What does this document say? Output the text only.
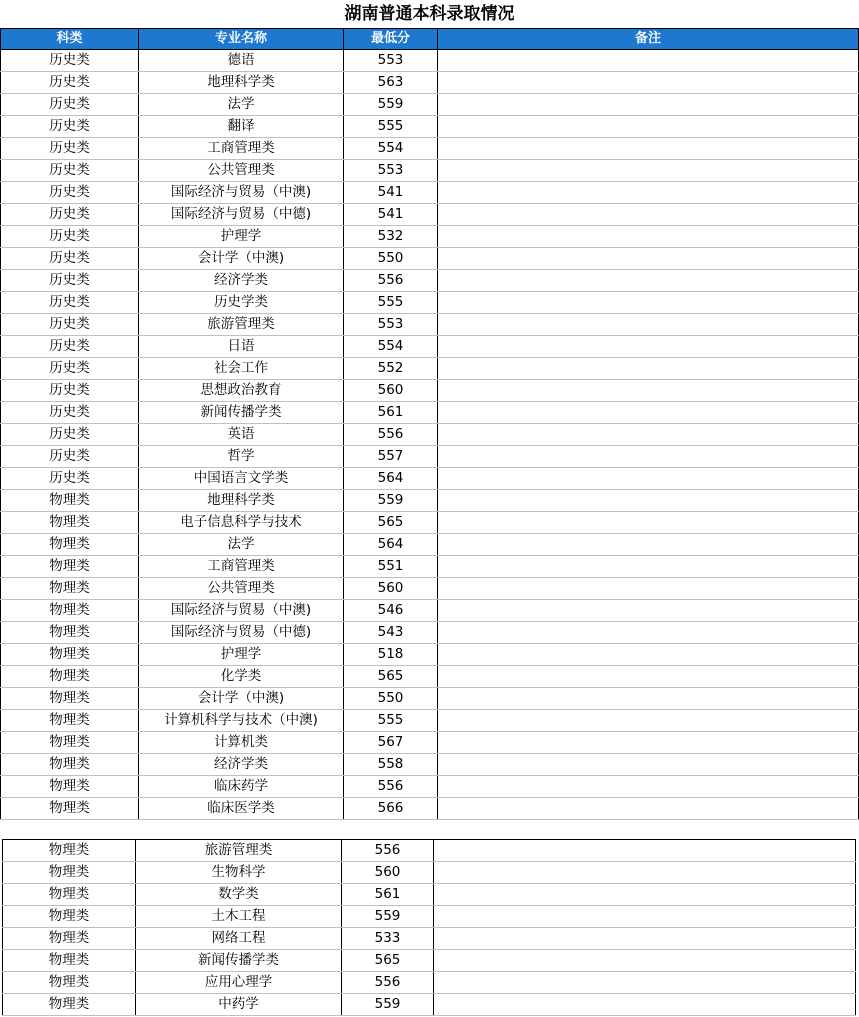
湖南普通本科录取情况
科类	专业名称	最低分	备注
历史类	德语	553	
历史类	地理科学类	563	
历史类	法学	559	
历史类	翻译	555	
历史类	工商管理类	554	
历史类	公共管理类	553	
历史类	国际经济与贸易（中澳)	541	
历史类	国际经济与贸易（中德)	541	
历史类	护理学	532	
历史类	会计学（中澳)	550	
历史类	经济学类	556	
历史类	历史学类	555	
历史类	旅游管理类	553	
历史类	日语	554	
历史类	社会工作	552	
历史类	思想政治教育	560	
历史类	新闻传播学类	561	
历史类	英语	556	
历史类	哲学	557	
历史类	中国语言文学类	564	
物理类	地理科学类	559	
物理类	电子信息科学与技术	565	
物理类	法学	564	
物理类	工商管理类	551	
物理类	公共管理类	560	
物理类	国际经济与贸易（中澳)	546	
物理类	国际经济与贸易（中德)	543	
物理类	护理学	518	
物理类	化学类	565	
物理类	会计学（中澳)	550	
物理类	计算机科学与技术（中澳)	555	
物理类	计算机类	567	
物理类	经济学类	558	
物理类	临床药学	556	
物理类	临床医学类	566	
物理类	旅游管理类	556	
物理类	生物科学	560	
物理类	数学类	561	
物理类	土木工程	559	
物理类	网络工程	533	
物理类	新闻传播学类	565	
物理类	应用心理学	556	
物理类	中药学	559	
